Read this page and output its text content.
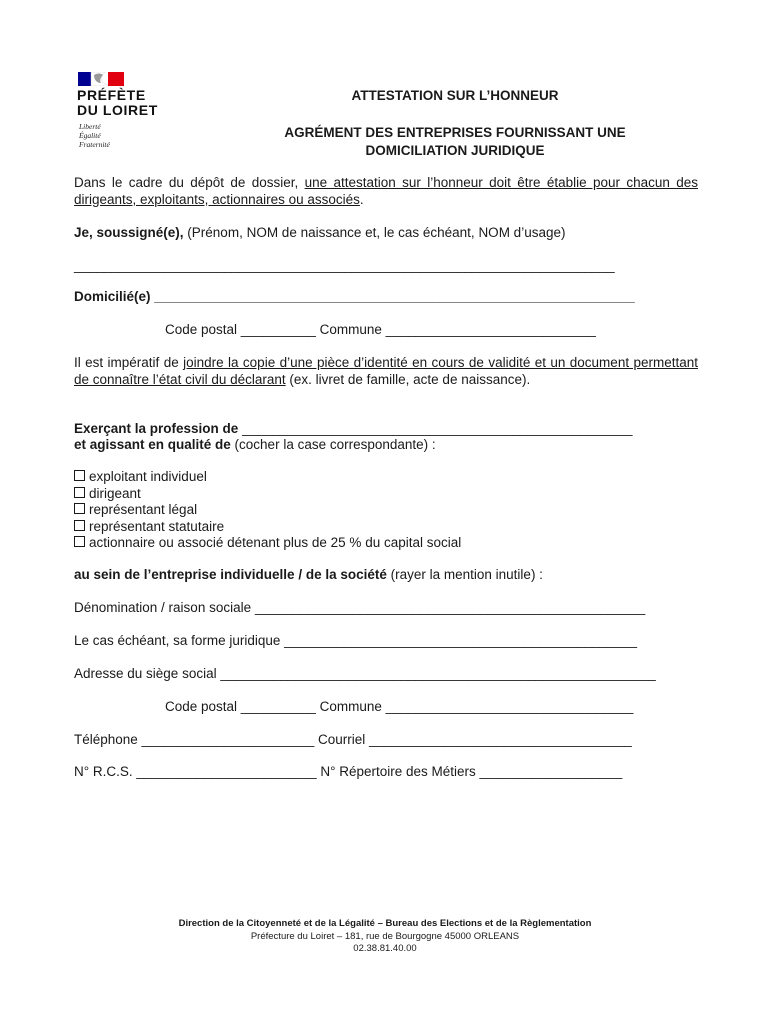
PRÉFÈTE
DU LOIRET
Liberté
Égalité
Fraternité
ATTESTATION SUR L’HONNEUR
AGRÉMENT DES ENTREPRISES FOURNISSANT UNE
DOMICILIATION JURIDIQUE
Dans le cadre du dépôt de dossier, une attestation sur l’honneur doit être établie pour chacun des dirigeants, exploitants, actionnaires ou associés.
Je, soussigné(e), (Prénom, NOM de naissance et, le cas échéant, NOM d’usage)
________________________________________________________________________
Domicilié(e) ________________________________________________________________
Code postal __________ Commune ____________________________
Il est impératif de joindre la copie d’une pièce d’identité en cours de validité et un document permettant de connaître l’état civil du déclarant (ex. livret de famille, acte de naissance).
Exerçant la profession de ____________________________________________________
et agissant en qualité de (cocher la case correspondante) :
exploitant individuel
dirigeant
représentant légal
représentant statutaire
actionnaire ou associé détenant plus de 25 % du capital social
au sein de l’entreprise individuelle / de la société (rayer la mention inutile) :
Dénomination / raison sociale ____________________________________________________
Le cas échéant, sa forme juridique _______________________________________________
Adresse du siège social __________________________________________________________
Code postal __________ Commune _________________________________
Téléphone _______________________ Courriel ___________________________________
N° R.C.S. ________________________ N° Répertoire des Métiers ___________________
Direction de la Citoyenneté et de la Légalité – Bureau des Elections et de la Règlementation
Préfecture du Loiret – 181, rue de Bourgogne 45000 ORLEANS
02.38.81.40.00
